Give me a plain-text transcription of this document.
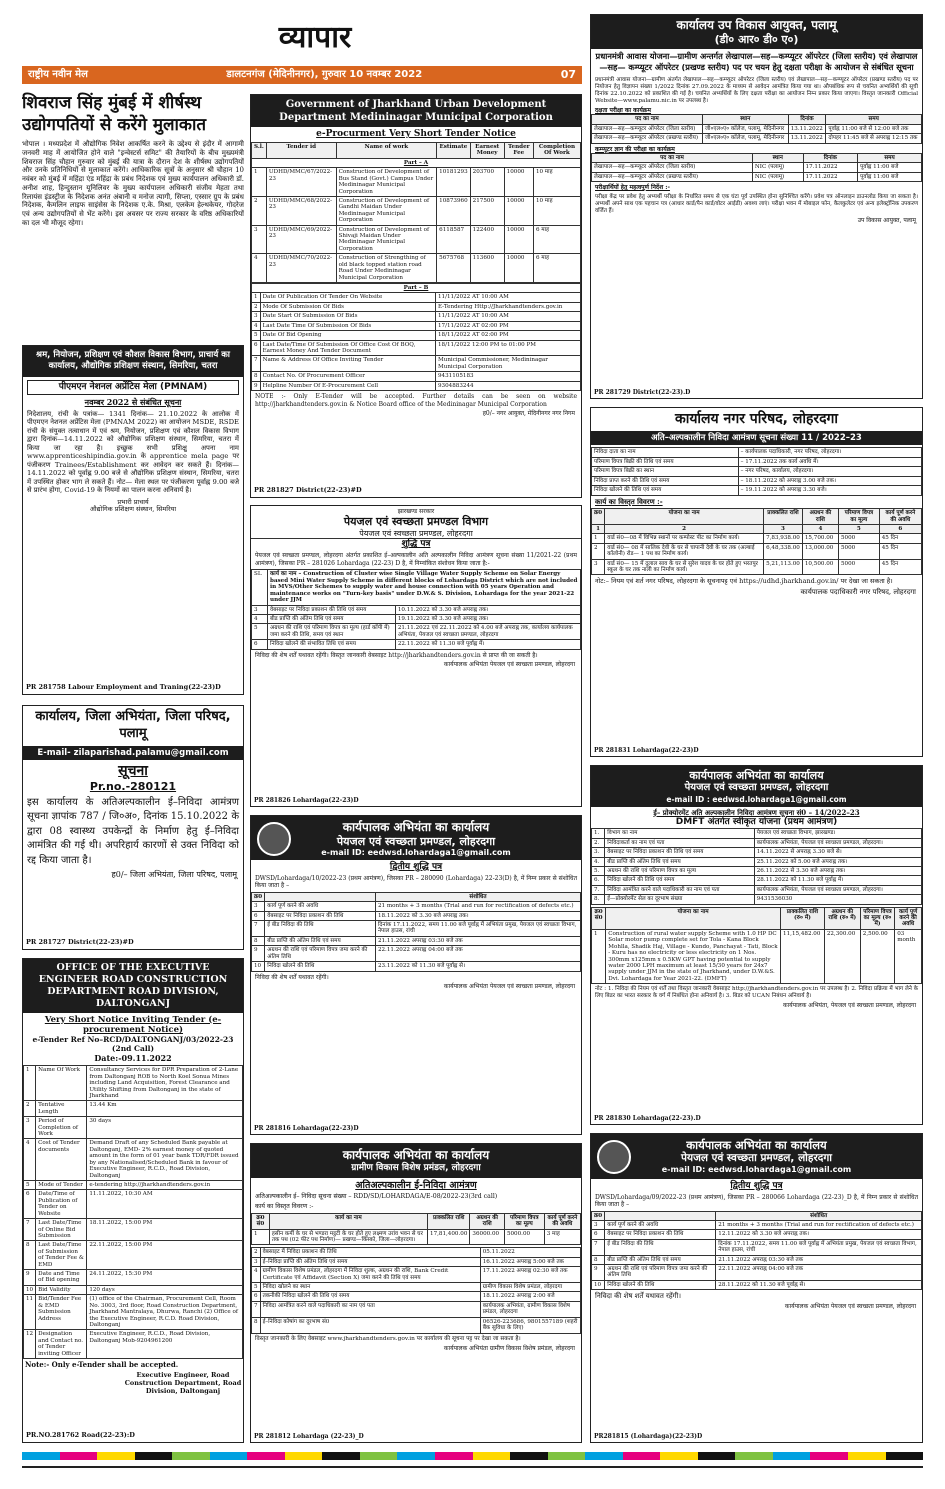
व्यापार
राष्ट्रीय नवीन मेल	डालटनगंज (मेदिनीनगर), गुरुवार 10 नवम्बर 2022	07
शिवराज सिंह मुंबई में शीर्षस्थ उद्योगपतियों से करेंगे मुलाकात
भोपाल । मध्यप्रदेश में औद्योगिक निवेश आकर्षित करने के उद्देश्य से इंदौर में आगामी जनवरी माह में आयोजित होने वाले "इन्वेस्टर्स समिट" की तैयारियों के बीच मुख्यमंत्री शिवराज सिंह चौहान गुरुवार को मुंबई की यात्रा के दौरान देश के शीर्षस्थ उद्योगपतियों और उनके प्रतिनिधियों से मुलाकात करेंगे। आधिकारिक सूत्रों के अनुसार श्री चौहान 10 नवंबर को मुंबई में महिंद्रा एंड महिंद्रा के प्रबंध निदेशक एवं मुख्य कार्यपालन अधिकारी डॉ. अनीश शाह, हिन्दुस्तान यूनिलिवर के मुख्य कार्यपालन अधिकारी संजीव मेहता तथा रिलायंस इंडस्ट्रीज के निदेशक अनंत अंबानी व मनोज त्यागी, सिप्ला, एस्सार ग्रुप के प्रबंध निदेशक, कैमलिन लाइफ साइंसेस के निदेशक ए.के. मिश्रा, एलकेम हेल्थकेयर, गोदरेज एवं अन्य उद्योगपतियों से भेंट करेंगे। इस अवसर पर राज्य सरकार के वरिष्ठ अधिकारियों का दल भी मौजूद रहेगा।
श्रम, नियोजन, प्रशिक्षण एवं कौशल विकास विभाग, प्राचार्य का कार्यालय, औद्योगिक प्रशिक्षण संस्थान, सिमरिया, चतरा
पीएमएन नेशनल अप्रेंटिस मेला (PMNAM)
नवम्बर 2022 से संबंधित सूचना
निदेशालय, रांची के पत्रांक— 1341 दिनांक— 21.10.2022 के आलोक में पीएमएन नेशनल अप्रेंटिस मेला (PMNAM 2022) का आयोजन MSDE, RSDE रांची के संयुक्त तत्वाधान में एवं श्रम, नियोजन, प्रशिक्षण एवं कौशल विकास विभाग द्वारा दिनांक—14.11.2022 को औद्योगिक प्रशिक्षण संस्थान, सिमरिया, चतरा में किया जा रहा है। इच्छुक सभी प्रशिक्षु अपना नाम www.apprenticeshipindia.gov.in के apprentice mela page पर पंजीकरण Trainees/Establishment कर आवेदन कर सकते हैं। दिनांक—14.11.2022 को पूर्वाह्न 9.00 बजे से औद्योगिक प्रशिक्षण संस्थान, सिमरिया, चतरा में उपस्थित होकर भाग ले सकते हैं। नोट— मेला स्थल पर पंजीकरण पूर्वाह्न 9.00 बजे से प्रारंभ होगा, Covid-19 के नियमों का पालन करना अनिवार्य है।
प्रभारी प्राचार्य
औद्योगिक प्रशिक्षण संस्थान, सिमरिया
PR 281758 Labour Employment and Traning(22-23)D
कार्यालय, जिला अभियंता, जिला परिषद, पलामू
E-mail- zilaparishad.palamu@gmail.com
सूचना
Pr.no.-280121
इस कार्यालय के अतिअल्पकालीन ई–निविदा आमंत्रण सूचना ज्ञापांक 787 / जि०अ०, दिनांक 15.10.2022 के द्वारा 08 स्वास्थ्य उपकेन्द्रों के निर्माण हेतु ई–निविदा आमंत्रित की गई थी। अपरिहार्य कारणों से उक्त निविदा को रद्द किया जाता है।
ह0/– जिला अभियंता, जिला परिषद, पलामू
PR 281727 District(22-23)#D
OFFICE OF THE EXECUTIVE ENGINEER ROAD CONSTRUCTION DEPARTMENT ROAD DIVISION, DALTONGANJ
Very Short Notice Inviting Tender (e-procurement Notice)
e-Tender Ref No–RCD/DALTONGANJ/03/2022-23 (2nd Call)
Date:-09.11.2022
1	Name Of Work	Consultancy Services for DPR Preparation of 2-Lane from Daltonganj ROB to North Koel Sonua Mines including Land Acquisition, Forest Clearance and Utility Shifting from Daltonganj in the state of Jharkhand
2	Tentative Length	13.44 Km
3	Period of Completion of Work	30 days
4	Cost of Tender documents	Demand Draft of any Scheduled Bank payable at Daltonganj, EMD- 2% earnest money of quoted amount in the form of 01 year bank TDR/FDR issued by any Nationalised/Scheduled Bank in favour of Executive Engineer, R.C.D., Road Division, Daltonganj
5	Mode of Tender	e-tendering http://jharkhandtenders.gov.in
6	Date/Time of Publication of Tender on Website	11.11.2022, 10:30 AM
7	Last Date/Time of Online Bid Submission	18.11.2022, 15:00 PM
8	Last Date/Time of Submission of Tender Fee & EMD	22.11.2022, 15:00 PM
9	Date and Time of Bid opening	24.11.2022, 15:30 PM
10	Bid Validity	120 days
11	Bid/Tender Fee & EMD Submission Address	(1) office of the Chairman, Procurement Cell, Room No. 3003, 3rd floor, Road Construction Department, Jharkhand Mantralaya, Dhurwa, Ranchi (2) Office of the Executive Engineer, R.C.D. Road Division, Daltonganj
12	Designation and Contact no. of Tender inviting Officer	Executive Engineer, R.C.D., Road Division, Daltonganj Mob-9204961200
Note:- Only e-Tender shall be accepted.
Executive Engineer, Road Construction Department, Road Division, Daltonganj
PR.NO.281762 Road(22-23):D
Government of Jharkhand Urban Development Department Medininagar Municipal Corporation
e-Procurment Very Short Tender Notice
S.l.	Tender id	Name of work	Estimate	Earnest Money	Tender Fee	Completion Of Work
Part – A						
1	UDHD/MMC/67/2022-23	Construction of Development of Bus Stand (Govt.) Campus Under Medininagar Municipal Corporation	10181293	203700	10000	10 माह
2	UDHD/MMC/68/2022-23	Construction of Development of Gandhi Maidan Under Medininagar Municipal Corporation	10873960	217500	10000	10 माह
3	UDHD/MMC/69/2022-23	Construction of Development of Shivaji Maidan Under Medininagar Municipal Corporation	6118587	122400	10000	6 माह
4	UDHD/MMC/70/2022-23	Construction of Strengthing of old black topped station road Road Under Medininagar Municipal Corporation	5675768	113600	10000	6 माह
Part – B		
1	Date Of Publication Of Tender On Website	11/11/2022 AT 10:00 AM
2	Mode Of Submission Of Bids	E-Tendering Http://Jharkhandtenders.gov.in
3	Date Start Of Submission Of Bids	11/11/2022 AT 10:00 AM
4	Last Date Time Of Submission Of Bids	17/11/2022 AT 02:00 PM
5	Date Of Bid Opening	18/11/2022 AT 02:00 PM
6	Last Date/Time Of Submission Of Office Cost Of BOQ, Earnest Money And Tender Document	18/11/2022 12:00 PM to 01:00 PM
7	Name & Address Of Office Inviting Tender	Municipal Commissioner, Medininagar Municipal Corporation
8	Contact No. Of Procurement Officer	9431105183
9	Helpline Number Of E-Procurement Cell	9304883244
NOTE :- Only E-Tender will be accepted. Further details can be seen on website http://jharkhandtenders.gov.in & Notice Board office of the Medininagar Municipal Corporation
ह0/– नगर आयुक्त, मेदिनीनगर नगर निगम
PR 281827 District(22-23)#D
झारखण्ड सरकार
पेयजल एवं स्वच्छता प्रमण्डल विभाग
पेयजल एवं स्वच्छता प्रमण्डल, लोहरदगा
शुद्धि पत्र
पेयजल एवं स्वच्छता प्रमण्डल, लोहरदगा अंतर्गत प्रकाशित ई–अल्पकालीन अति अल्पकालीन निविदा आमंत्रण सूचना संख्या 11/2021-22 (प्रथम आमंत्रण), जिसका PR – 281026 Lohardaga (22-23) D है, में निम्नांकित संशोधन किया जाता है:-
SL	कार्य का नाम – Construction of Cluster wise Single Village Water Supply Scheme on Solar Energy based Mini Water Supply Scheme in different blocks of Lohardaga District which are not included in MVS/Other Schemes to supply water and house connection with 05 years Operation and maintenance works on "Turn-key basis" under D.W.& S. Division, Lohardaga for the year 2021-22 under JJM	
3	वेबसाइट पर निविदा प्रकाशन की तिथि एवं समय	10.11.2022 को 3.30 बजे अपराह्न तक।
4	बीड प्राप्ति की अंतिम तिथि एवं समय	19.11.2022 को 3.30 बजे अपराह्न तक।
5	अग्रधन की राशि एवं परिमाण विपत्र का मूल्य (हार्ड कॉपी में) जमा करने की तिथि, समय एवं स्थान	21.11.2022 एवं 22.11.2022 को 4.00 बजे अपराह्न तक, कार्यालय कार्यपालक अभियंता, पेयजल एवं स्वच्छता प्रमण्डल, लोहरदगा
6	निविदा खोलने की संभावित तिथि एवं समय	22.11.2022 को 11.30 बजे पूर्वाह्न में।
निविदा की शेष शर्तें यथावत रहेंगी। विस्तृत जानकारी वेबसाइट http://jharkhandtenders.gov.in से प्राप्त की जा सकती है।
कार्यपालक अभियंता पेयजल एवं स्वच्छता प्रमण्डल, लोहरदगा
PR 281826 Lohardaga(22-23)D
कार्यपालक अभियंता का कार्यालय
पेयजल एवं स्वच्छता प्रमण्डल, लोहरदगा
e-mail ID: eedwsd.lohardaga1@gmail.com
द्वितीय शुद्धि पत्र
DWSD/Lohardaga/10/2022-23 (प्रथम आमंत्रण), जिसका PR – 280090 (Lohardaga) 22-23(D) है, में निम्न प्रकार से संशोधित किया जाता है –
क्र0		संशोधित
3	कार्य पूर्ण करने की अवधि	21 months + 3 months (Trial and run for rectification of defects etc.)
6	वेबसाइट पर निविदा प्रकाशन की तिथि	18.11.2022 को 3.30 बजे अपराह्न तक।
7	ई बीड निविदा की तिथि	दिनांक 17.11.2022, समय 11.00 बजे पूर्वाह्न में अभियंता प्रमुख, पेयजल एवं स्वच्छता विभाग, नेपाल हाउस, रांची
8	बीड प्राप्ति की अंतिम तिथि एवं समय	21.11.2022 अपराह्न 03:30 बजे तक
9	अग्रधन की राशि एवं परिमाण विपत्र जमा करने की अंतिम तिथि	22.11.2022 अपराह्न 04:00 बजे तक
10	निविदा खोलने की तिथि	23.11.2022 को 11.30 बजे पूर्वाह्न से।
निविदा की शेष शर्तें यथावत रहेंगी।
कार्यपालक अभियंता पेयजल एवं स्वच्छता प्रमण्डल, लोहरदगा
PR 281816 Lohardaga(22-23)D
कार्यपालक अभियंता का कार्यालय
ग्रामीण विकास विशेष प्रमंडल, लोहरदगा
अतिअल्पकालीन ई-निविदा आमंत्रण
अतिअल्पकालीन ई– निविदा सूचना संख्या – RDD/SD/LOHARDAGA/E-08/2022-23(3rd call)
कार्य का विस्तृत विवरण :-
क्र0 सं0	कार्य का नाम	प्राक्कलित राशि	अग्रधन की राशि	परिमाण विपत्र का मूल्य	कार्य पूर्ण करने की अवधि
1	हसीन कर्मी के घर से भण्डरा मट्ठटी के घर होते हुए लक्ष्मण उरांव भवन से घर तक पथ (02 फीट पथ निर्माण)— प्रखण्ड—किस्को, जिला—लोहरदगा।	17,81,400.00	36000.00	5000.00	3 माह
2	वेबसाइट में निविदा प्रकाशन की तिथि	05.11.2022
3	ई–निविदा प्राप्ति की अंतिम तिथि एवं समय	16.11.2022 अपराह्न 5:00 बजे तक
4	ग्रामीण विकास विशेष प्रमंडल, लोहरदगा में निविदा शुल्क, अग्रधन की राशि, Bank Credit Certificate एवं Affidavit (Section X) जमा करने की तिथि एवं समय	17.11.2022 अपराह्न 02:30 बजे तक
5	निविदा खोलने का स्थान	ग्रामीण विकास विशेष प्रमंडल, लोहरदगा
6	तकनीकी निविदा खोलने की तिथि एवं समय	18.11.2022 अपराह्न 2:00 बजे
7	निविदा आमंत्रित करने वाले पदाधिकारी का नाम एवं पता	कार्यपालक अभियंता, ग्रामीण विकास विशेष प्रमंडल, लोहरदगा
8	ई–निविदा कोषांग का दूरभाष सं0	06526-223686, 9801557189 (शहरी बैंक सुविधा के लिए)
विस्तृत जानकारी के लिए वेबसाइट www.jharkhandtenders.gov.in पर कार्यालय की सूचना पट्ट पर देखा जा सकता है।
कार्यपालक अभियंता ग्रामीण विकास विशेष प्रमंडल, लोहरदगा
PR 281812 Lohardaga (22-23)_D
कार्यालय उप विकास आयुक्त, पलामू
(डी० आर० डी० ए०)
प्रधानमंत्री आवास योजना—ग्रामीण अन्तर्गत लेखापाल—सह—कम्प्यूटर ऑपरेटर (जिला स्तरीय) एवं लेखापाल—सह— कम्प्यूटर ऑपरेटर (प्रखण्ड स्तरीय) पद पर चयन हेतु दक्षता परीक्षा के आयोजन से संबंधित सूचना
प्रधानमंत्री आवास योजना—ग्रामीण अंतर्गत लेखापाल—सह—कम्प्यूटर ऑपरेटर (जिला स्तरीय) एवं लेखापाल—सह—कम्प्यूटर ऑपरेटर (प्रखण्ड स्तरीय) पद पर नियोजन हेतु विज्ञापन संख्या 1/2022 दिनांक 27.09.2022 के माध्यम से आवेदन आमंत्रित किया गया था। औपबंधिक रूप से चयनित अभ्यर्थियों की सूची दिनांक 22.10.2022 को प्रकाशित की गई है। चयनित अभ्यर्थियों के लिए दक्षता परीक्षा का आयोजन निम्न प्रकार किया जाएगा। विस्तृत जानकारी Official Website—www.palamu.nic.in पर उपलब्ध है।
दक्षता परीक्षा का कार्यक्रम
पद का नाम	स्थान	दिनांक	समय
लेखापाल—सह—कम्प्यूटर ऑपरेटर (जिला स्तरीय)	जी०एल०ए० कॉलेज, पलामू, मेदिनीनगर	13.11.2022	पूर्वाह्न 11:00 बजे से 12:00 बजे तक
लेखापाल—सह—कम्प्यूटर ऑपरेटर (प्रखण्ड स्तरीय)	जी०एल०ए० कॉलेज, पलामू, मेदिनीनगर	13.11.2022	दोपहर 11:45 बजे से अपराह्न 12:15 तक
कम्प्यूटर ज्ञान की परीक्षा का कार्यक्रम
पद का नाम	स्थान	दिनांक	समय
लेखापाल—सह—कम्प्यूटर ऑपरेटर (जिला स्तरीय)	NIC (पलामू)	17.11.2022	पूर्वाह्न 11:00 बजे
लेखापाल—सह—कम्प्यूटर ऑपरेटर (प्रखण्ड स्तरीय)	NIC (पलामू)	17.11.2022	पूर्वाह्न 11:00 बजे
परीक्षार्थियों हेतु महत्वपूर्ण निर्देश :-
परीक्षा केंद्र पर प्रवेश हेतु अभ्यर्थी परीक्षा के निर्धारित समय से एक घंटा पूर्व उपस्थित होना सुनिश्चित करेंगे। प्रवेश पत्र ऑनलाइन डाउनलोड किया जा सकता है। अभ्यर्थी अपने साथ एक पहचान पत्र (आधार कार्ड/पैन कार्ड/वोटर आईडी) अवश्य लाएं। परीक्षा भवन में मोबाइल फोन, कैलकुलेटर एवं अन्य इलेक्ट्रॉनिक उपकरण वर्जित हैं।
उप विकास आयुक्त, पलामू
PR 281729 District(22-23).D
कार्यालय नगर परिषद, लोहरदगा
अति–अल्पकालीन निविदा आमंत्रण सूचना संख्या 11 / 2022–23
निविदा दाता का नाम	– कार्यपालक पदाधिकारी, नगर परिषद, लोहरदगा।
परिमाण विपत्र बिक्री की तिथि एवं समय	– 17.11.2022 तक कार्य अवधि में।
परिमाण विपत्र बिक्री का स्थान	– नगर परिषद, कार्यालय, लोहरदगा।
निविदा प्राप्त करने की तिथि एवं समय	– 18.11.2022 को अपराह्न 3.00 बजे तक।
निविदा खोलने की तिथि एवं समय	– 19.11.2022 को अपराह्न 3.30 बजे।
कार्य का विस्तृत विवरण :-
क्र0	योजना का नाम	प्राक्कलित राशि	अग्रधन की राशि	परिमाण विपत्र का मूल्य	कार्य पूर्ण करने की अवधि
1	2	3	4	5	6
1	वार्ड सं0—08 में विभिन्न स्थानों पर कम्पोस्ट पीट का निर्माण कार्य।	7,83,938.00	15,700.00	5000	45 दिन
2	वार्ड सं0— 08 में सालिक देवी के घर से चापानी देवी के घर तक (अल्बाई कॉलोनी) रोड— 1 पथ का निर्माण कार्य।	6,48,338.00	13,000.00	5000	45 दिन
3	वार्ड सं0— 15 में दुलाल साव के घर से सुरेश यादव के घर होते हुए भरतपुर स्कूल के घर तक नाली का निर्माण कार्य।	5,21,113.00	10,500.00	5000	45 दिन
नोट:– नियम एवं शर्त नगर परिषद, लोहरदगा के सूचनापट्ट एवं https://udhd.jharkhand.gov.in/ पर देखा जा सकता है।
कार्यपालक पदाधिकारी नगर परिषद, लोहरदगा
PR 281831 Lohardaga(22-23)D
कार्यपालक अभियंता का कार्यालय
पेयजल एवं स्वच्छता प्रमण्डल, लोहरदगा
e-mail ID : eedwsd.lohardaga1@gmail.com
ई– प्रोक्योरमेंट अति अल्पकालीन निविदा आमंत्रण सूचना सं0 – 14/2022–23
DMFT अंतर्गत स्वीकृत योजना (प्रथम आमंत्रण)
1.	विभाग का नाम	पेयजल एवं स्वच्छता विभाग, झारखण्ड।
2.	निविदाकर्ता का नाम एवं पता	कार्यपालक अभियंता, पेयजल एवं स्वच्छता प्रमण्डल, लोहरदगा।
3.	वेबसाइट पर निविदा प्रकाशन की तिथि एवं समय	14.11.2022 से अपराह्न 3.30 बजे से।
4.	बीड प्राप्ति की अंतिम तिथि एवं समय	25.11.2022 को 5.00 बजे अपराह्न तक।
5.	अग्रधन की राशि एवं परिमाण विपत्र का मूल्य	26.11.2022 से 3.30 बजे अपराह्न तक।
6.	निविदा खोलने की तिथि एवं समय	28.11.2022 को 11.30 बजे पूर्वाह्न में।
7.	निविदा आमंत्रित करने वाले पदाधिकारी का नाम एवं पता	कार्यपालक अभियंता, पेयजल एवं स्वच्छता प्रमण्डल, लोहरदगा।
8.	ई—प्रोक्योरमेंट सेल का दूरभाष संख्या	9431536030
क्र0 सं0	योजना का नाम	प्राक्कलित राशि (रु० में)	अग्रधन की राशि (रु० में)	परिमाण विपत्र का मूल्य (रु० में)	कार्य पूर्ण करने की अवधि
1	Construction of rural water supply Scheme with 1.0 HP DC Solar motor pump complete set for Tola - Kana Block Mohlla, Shadik Haj, Village - Kundo, Panchayat - Tati, Block - Kuru has no electricity or less electricity on 1 Nos. 300mm x125mm x 0.5KW GPT having potential to supply water 2000 LPH maximum at least 15/30 years for 24x7 supply under JJM in the state of Jharkhand, under D.W.&S. Dvi. Lohardaga for Year 2021-22. (DMFT)	11,15,482.00	22,300.00	2,500.00	03 month
नोट : 1. निविदा की नियम एवं शर्तें तथा विस्तृत जानकारी वेबसाइट http://jharkhandtenders.gov.in पर उपलब्ध है। 2. निविदा प्रक्रिया में भाग लेने के लिए बिडर का भारत सरकार के वर्ग में निबंधित होना अनिवार्य है। 3. बिडर को UCAN निबंधन अनिवार्य है।
कार्यपालक अभियंता, पेयजल एवं स्वच्छता प्रमण्डल, लोहरदगा
PR 281830 Lohardaga(22-23).D
कार्यपालक अभियंता का कार्यालय
पेयजल एवं स्वच्छता प्रमण्डल, लोहरदगा
e-mail ID: eedwsd.lohardaga1@gmail.com
द्वितीय शुद्धि पत्र
DWSD/Lohardaga/09/2022-23 (प्रथम आमंत्रण), जिसका PR – 280066 Lohardaga (22-23)_D है, में निम्न प्रकार से संशोधित किया जाता है –
क्र0		संशोधित
3	कार्य पूर्ण करने की अवधि	21 months + 3 months (Trial and run for rectification of defects etc.)
6	वेबसाइट पर निविदा प्रकाशन की तिथि	12.11.2022 को 3.30 बजे अपराह्न तक।
7	ई बीड निविदा की तिथि	दिनांक 17.11.2022, समय 11.00 बजे पूर्वाह्न में अभियंता प्रमुख, पेयजल एवं स्वच्छता विभाग, नेपाल हाउस, रांची
8	बीड प्राप्ति की अंतिम तिथि एवं समय	21.11.2022 अपराह्न 03:30 बजे तक
9	अग्रधन की राशि एवं परिमाण विपत्र जमा करने की अंतिम तिथि	22.11.2022 अपराह्न 04:00 बजे तक
10	निविदा खोलने की तिथि	28.11.2022 को 11.30 बजे पूर्वाह्न से।
निविदा की शेष शर्तें यथावत रहेंगी।
कार्यपालक अभियंता पेयजल एवं स्वच्छता प्रमण्डल, लोहरदगा
PR281815 (Lohardaga)(22-23)D
